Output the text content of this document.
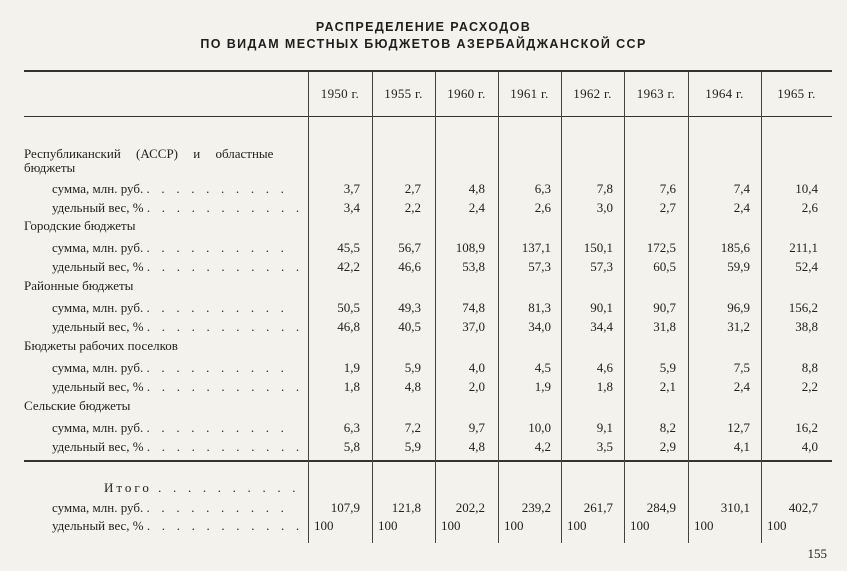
РАСПРЕДЕЛЕНИЕ РАСХОДОВ
ПО ВИДАМ МЕСТНЫХ БЮДЖЕТОВ АЗЕРБАЙДЖАНСКОЙ ССР
1950 г.	1955 г.	1960 г.	1961 г.	1962 г.	1963 г.	1964 г.	1965 г.
Республиканский (АССР) и областные
бюджеты
сумма, млн. руб. . . . . . . . . . .	3,7	2,7	4,8	6,3	7,8	7,6	7,4	10,4
удельный вес, % . . . . . . . . . . .	3,4	2,2	2,4	2,6	3,0	2,7	2,4	2,6
Городские бюджеты
сумма, млн. руб. . . . . . . . . . .	45,5	56,7	108,9	137,1	150,1	172,5	185,6	211,1
удельный вес, % . . . . . . . . . . .	42,2	46,6	53,8	57,3	57,3	60,5	59,9	52,4
Районные бюджеты
сумма, млн. руб. . . . . . . . . . .	50,5	49,3	74,8	81,3	90,1	90,7	96,9	156,2
удельный вес, % . . . . . . . . . . .	46,8	40,5	37,0	34,0	34,4	31,8	31,2	38,8
Бюджеты рабочих поселков
сумма, млн. руб. . . . . . . . . . .	1,9	5,9	4,0	4,5	4,6	5,9	7,5	8,8
удельный вес, % . . . . . . . . . . .	1,8	4,8	2,0	1,9	1,8	2,1	2,4	2,2
Сельские бюджеты
сумма, млн. руб. . . . . . . . . . .	6,3	7,2	9,7	10,0	9,1	8,2	12,7	16,2
удельный вес, % . . . . . . . . . . .	5,8	5,9	4,8	4,2	3,5	2,9	4,1	4,0
Итого . . . . . . . . . .
сумма, млн. руб. . . . . . . . . . .	107,9	121,8	202,2	239,2	261,7	284,9	310,1	402,7
удельный вес, % . . . . . . . . . . . 100	100	100	100	100	100	100	100
155
